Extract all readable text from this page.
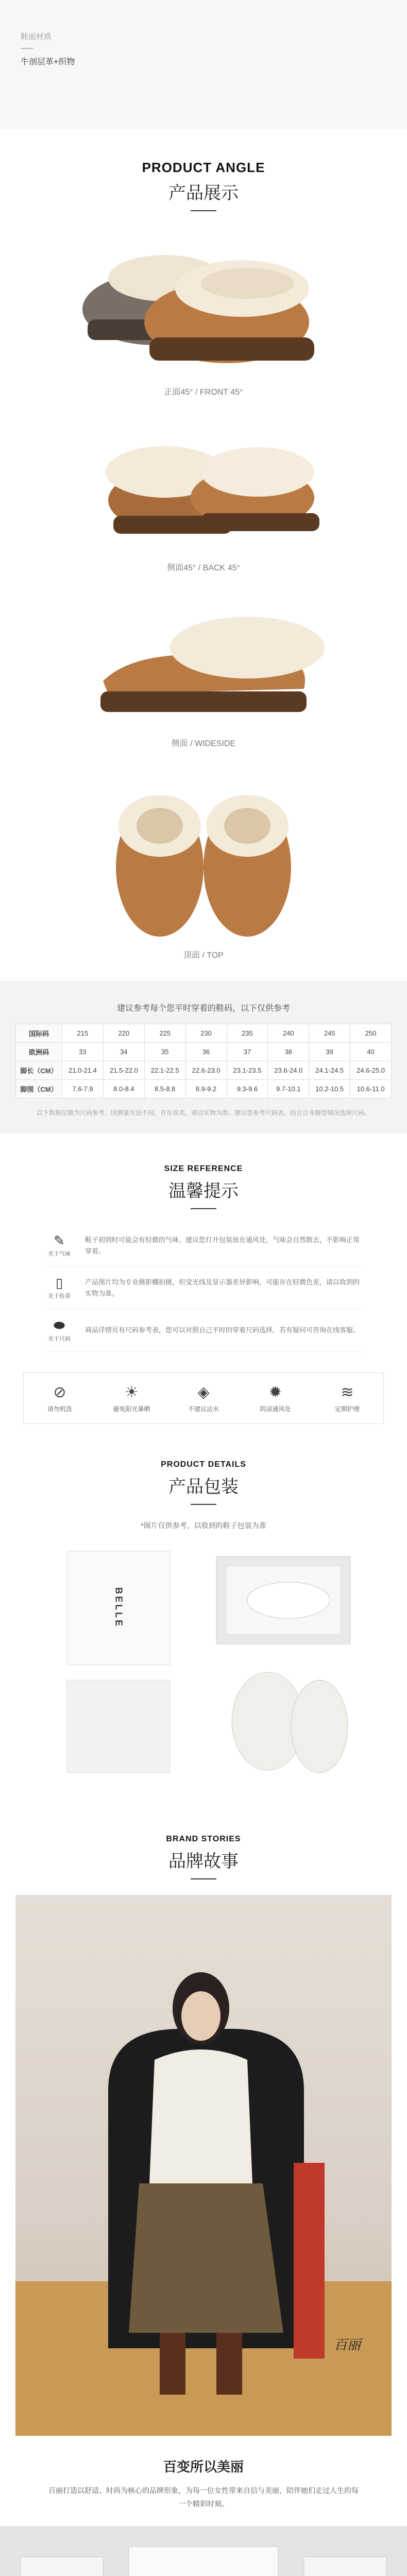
鞋面材质
牛剖层革+织物
PRODUCT ANGLE
产品展示
正面45° / FRONT 45°
侧面45° / BACK 45°
侧面 / WIDESIDE
顶面 / TOP
建议参考每个您平时穿着的鞋码，以下仅供参考
国际码	215	220	225	230	235	240	245	250
欧洲码	33	34	35	36	37	38	39	40
脚长（CM）	21.0-21.4	21.5-22.0	22.1-22.5	22.6-23.0	23.1-23.5	23.6-24.0	24.1-24.5	24.6-25.0
脚围（CM）	7.6-7.9	8.0-8.4	8.5-8.8	8.9-9.2	9.3-9.6	9.7-10.1	10.2-10.5	10.6-11.0
以下数据仅做为尺码参考。因测量方法不同，存在误差，请以实物为准。建议您参考尺码表，结合自身脚型情况选择尺码。
SIZE REFERENCE
温馨提示
✎
关于气味
鞋子初到时可能会有轻微的气味，建议您打开包装放在通风处，气味会自然散去，不影响正常穿着。
▯
关于色差
产品图片均为专业摄影棚拍摄，但受光线及显示器差异影响，可能存在轻微色差，请以收到的实物为准。
⬬
关于尺码
商品详情页有尺码参考表，您可以对照自己平时的穿着尺码选择，若有疑问可咨询在线客服。
⊘
请勿机洗
☀
避免阳光暴晒
◈
不建议沾水
✹
阴凉通风处
≋
定期护理
PRODUCT DETAILS
产品包装
*图片仅供参考，以收到的鞋子包装为准
BELLE
BRAND STORIES
品牌故事
百丽
百变所以美丽
百丽打造以舒适、时尚为核心的品牌形象，为每一位女性带来自信与美丽，陪伴她们走过人生的每一个精彩时刻。
